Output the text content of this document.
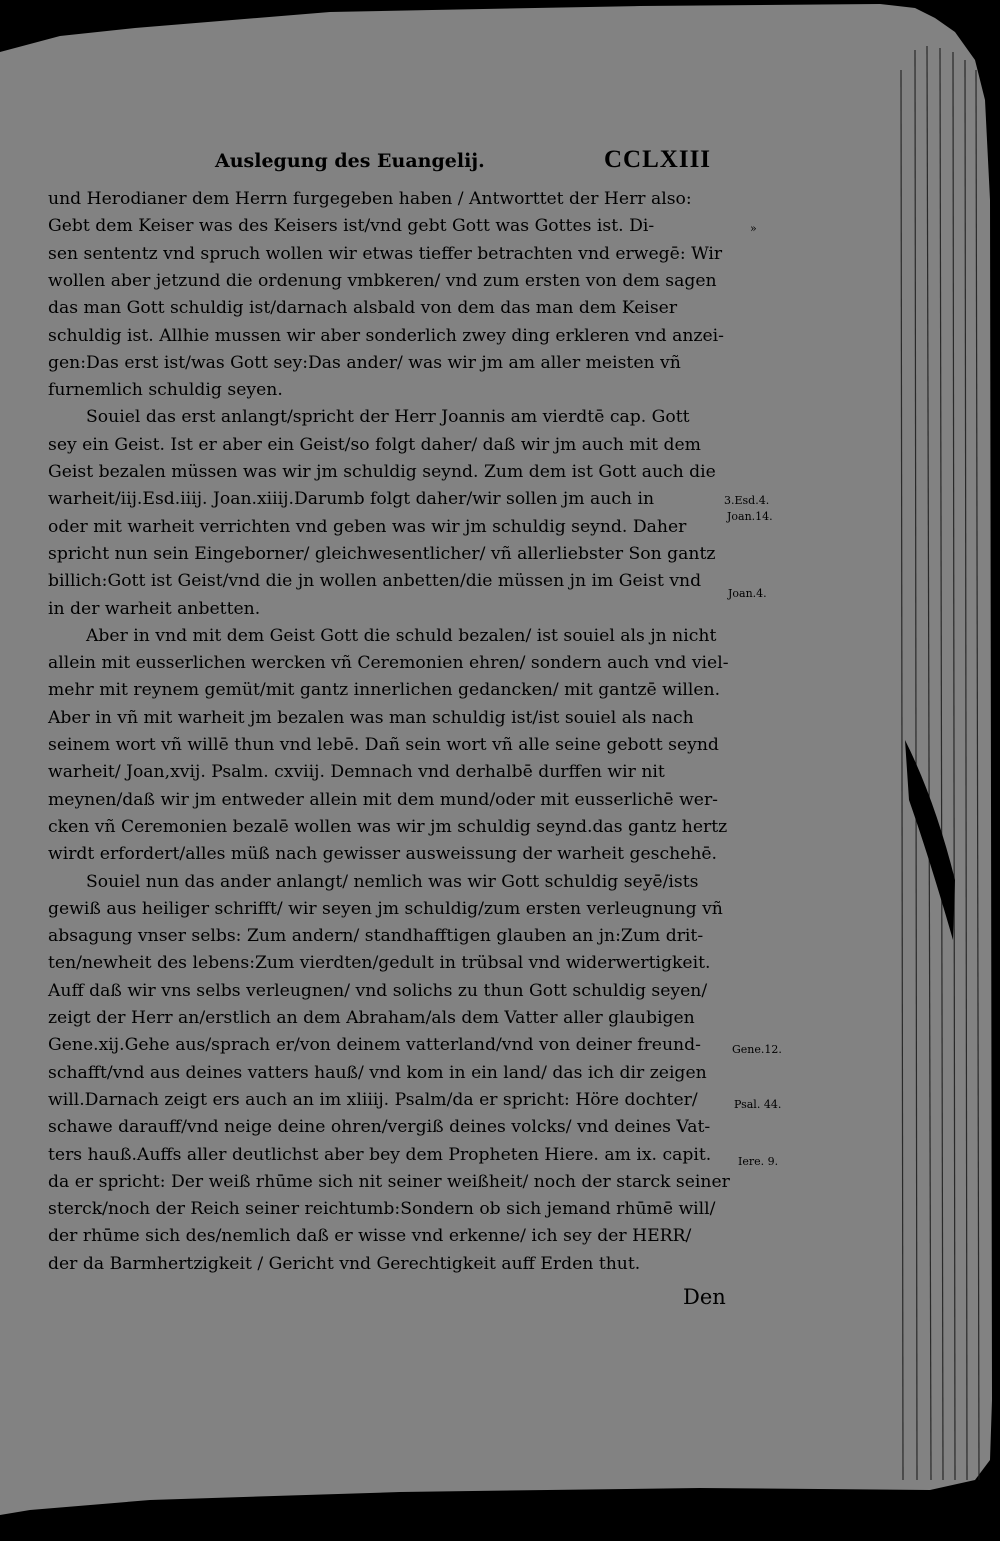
Auslegung des Euangelij.	CCLXIII
und Herodianer dem Herrn furgegeben haben / Antworttet der Herr also:
Gebt dem Keiser was des Keisers ist/vnd gebt Gott was Gottes ist. Di-
sen sententz vnd spruch wollen wir etwas tieffer betrachten vnd erwegē: Wir
wollen aber jetzund die ordenung vmbkeren/ vnd zum ersten von dem sagen
das man Gott schuldig ist/darnach alsbald von dem das man dem Keiser
schuldig ist. Allhie mussen wir aber sonderlich zwey ding erkleren vnd anzei-
gen:Das erst ist/was Gott sey:Das ander/ was wir jm am aller meisten vñ
furnemlich schuldig seyen.
Souiel das erst anlangt/spricht der Herr Joannis am vierdtē cap. Gott
sey ein Geist. Ist er aber ein Geist/so folgt daher/ daß wir jm auch mit dem
Geist bezalen müssen was wir jm schuldig seynd. Zum dem ist Gott auch die
warheit/iij.Esd.iiij. Joan.xiiij.Darumb folgt daher/wir sollen jm auch in
oder mit warheit verrichten vnd geben was wir jm schuldig seynd. Daher
spricht nun sein Eingeborner/ gleichwesentlicher/ vñ allerliebster Son gantz
billich:Gott ist Geist/vnd die jn wollen anbetten/die müssen jn im Geist vnd
in der warheit anbetten.
Aber in vnd mit dem Geist Gott die schuld bezalen/ ist souiel als jn nicht
allein mit eusserlichen wercken vñ Ceremonien ehren/ sondern auch vnd viel-
mehr mit reynem gemüt/mit gantz innerlichen gedancken/ mit gantzē willen.
Aber in vñ mit warheit jm bezalen was man schuldig ist/ist souiel als nach
seinem wort vñ willē thun vnd lebē. Dañ sein wort vñ alle seine gebott seynd
warheit/ Joan,xvij. Psalm. cxviij. Demnach vnd derhalbē durffen wir nit
meynen/daß wir jm entweder allein mit dem mund/oder mit eusserlichē wer-
cken vñ Ceremonien bezalē wollen was wir jm schuldig seynd.das gantz hertz
wirdt erfordert/alles müß nach gewisser ausweissung der warheit geschehē.
Souiel nun das ander anlangt/ nemlich was wir Gott schuldig seyē/ists
gewiß aus heiliger schrifft/ wir seyen jm schuldig/zum ersten verleugnung vñ
absagung vnser selbs: Zum andern/ standhafftigen glauben an jn:Zum drit-
ten/newheit des lebens:Zum vierdten/gedult in trübsal vnd widerwertigkeit.
Auff daß wir vns selbs verleugnen/ vnd solichs zu thun Gott schuldig seyen/
zeigt der Herr an/erstlich an dem Abraham/als dem Vatter aller glaubigen
Gene.xij.Gehe aus/sprach er/von deinem vatterland/vnd von deiner freund-
schafft/vnd aus deines vatters hauß/ vnd kom in ein land/ das ich dir zeigen
will.Darnach zeigt ers auch an im xliiij. Psalm/da er spricht: Höre dochter/
schawe darauff/vnd neige deine ohren/vergiß deines volcks/ vnd deines Vat-
ters hauß.Auffs aller deutlichst aber bey dem Propheten Hiere. am ix. capit.
da er spricht: Der weiß rhūme sich nit seiner weißheit/ noch der starck seiner
sterck/noch der Reich seiner reichtumb:Sondern ob sich jemand rhūmē will/
der rhūme sich des/nemlich daß er wisse vnd erkenne/ ich sey der HERR/
der da Barmhertzigkeit / Gericht vnd Gerechtigkeit auff Erden thut.
»
3.Esd.4.
Joan.14.
Joan.4.
Gene.12.
Psal. 44.
Iere. 9.
Den
